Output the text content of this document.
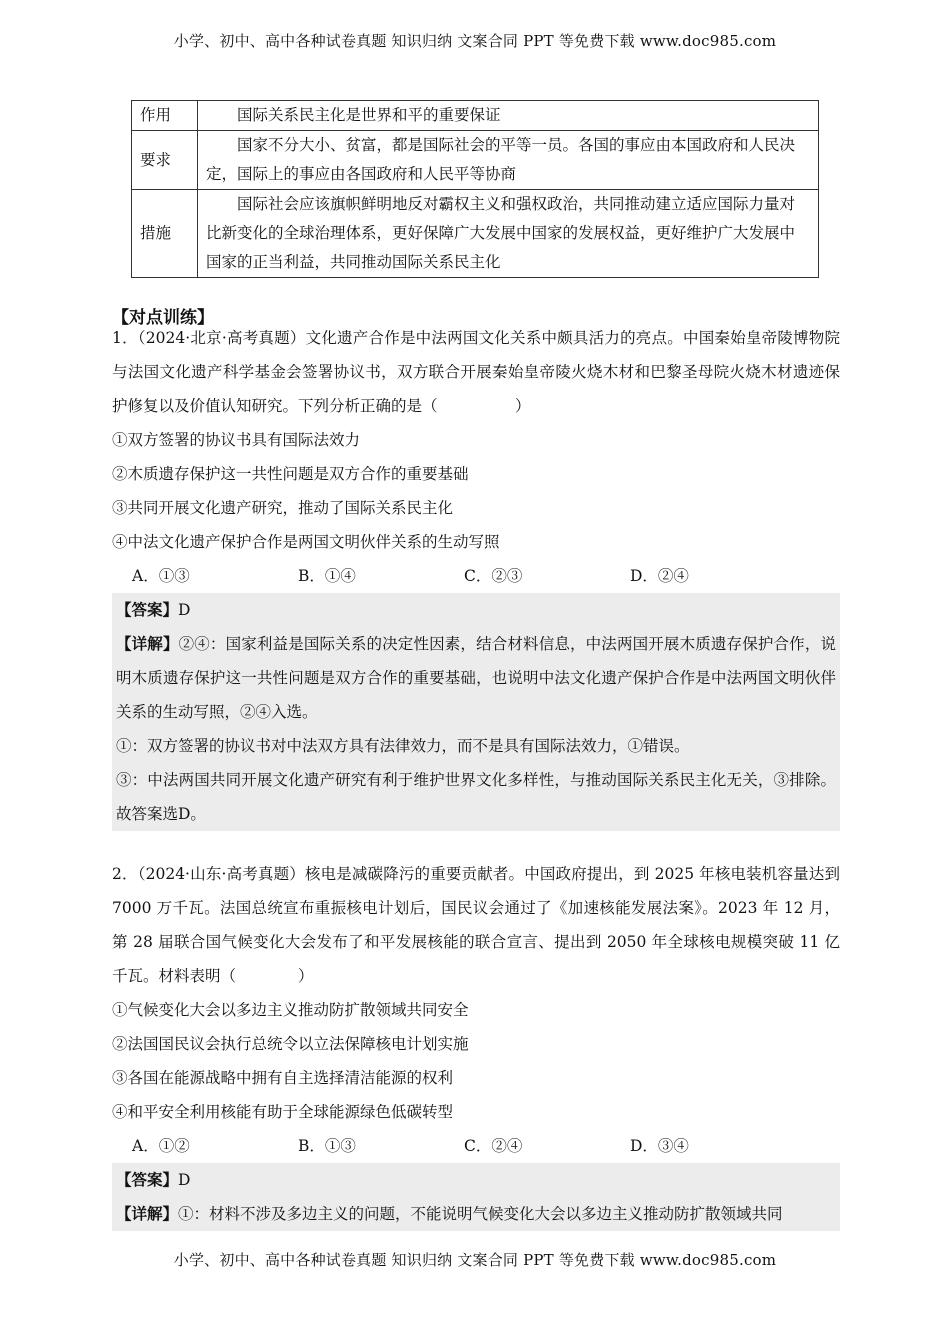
小学、初中、高中各种试卷真题 知识归纳 文案合同 PPT 等免费下载 www.doc985.com
作用	国际关系民主化是世界和平的重要保证
要求	国家不分大小、贫富，都是国际社会的平等一员。各国的事应由本国政府和人民决定，国际上的事应由各国政府和人民平等协商
措施	国际社会应该旗帜鲜明地反对霸权主义和强权政治，共同推动建立适应国际力量对比新变化的全球治理体系，更好保障广大发展中国家的发展权益，更好维护广大发展中国家的正当利益，共同推动国际关系民主化
【对点训练】

1．（2024·北京·高考真题）文化遗产合作是中法两国文化关系中颇具活力的亮点。中国秦始皇帝陵博物院与法国文化遗产科学基金会签署协议书，双方联合开展秦始皇帝陵火烧木材和巴黎圣母院火烧木材遗迹保护修复以及价值认知研究。下列分析正确的是（　　　　　）

①双方签署的协议书具有国际法效力

②木质遗存保护这一共性问题是双方合作的重要基础

③共同开展文化遗产研究，推动了国际关系民主化

④中法文化遗产保护合作是两国文明伙伴关系的生动写照

A．①③	B．①④	C．②③	D．②④

【答案】D

【详解】②④：国家利益是国际关系的决定性因素，结合材料信息，中法两国开展木质遗存保护合作，说明木质遗存保护这一共性问题是双方合作的重要基础，也说明中法文化遗产保护合作是中法两国文明伙伴关系的生动写照，②④入选。

①：双方签署的协议书对中法双方具有法律效力，而不是具有国际法效力，①错误。

③：中法两国共同开展文化遗产研究有利于维护世界文化多样性，与推动国际关系民主化无关，③排除。故答案选D。

2．（2024·山东·高考真题）核电是减碳降污的重要贡献者。中国政府提出，到 2025 年核电装机容量达到 7000 万千瓦。法国总统宣布重振核电计划后，国民议会通过了《加速核能发展法案》。2023 年 12 月，第 28 届联合国气候变化大会发布了和平发展核能的联合宣言、提出到 2050 年全球核电规模突破 11 亿千瓦。材料表明（　　　　）

①气候变化大会以多边主义推动防扩散领域共同安全

②法国国民议会执行总统令以立法保障核电计划实施

③各国在能源战略中拥有自主选择清洁能源的权利

④和平安全利用核能有助于全球能源绿色低碳转型

A．①②	B．①③	C．②④	D．③④

【答案】D

【详解】①：材料不涉及多边主义的问题，不能说明气候变化大会以多边主义推动防扩散领域共同

小学、初中、高中各种试卷真题 知识归纳 文案合同 PPT 等免费下载 www.doc985.com
